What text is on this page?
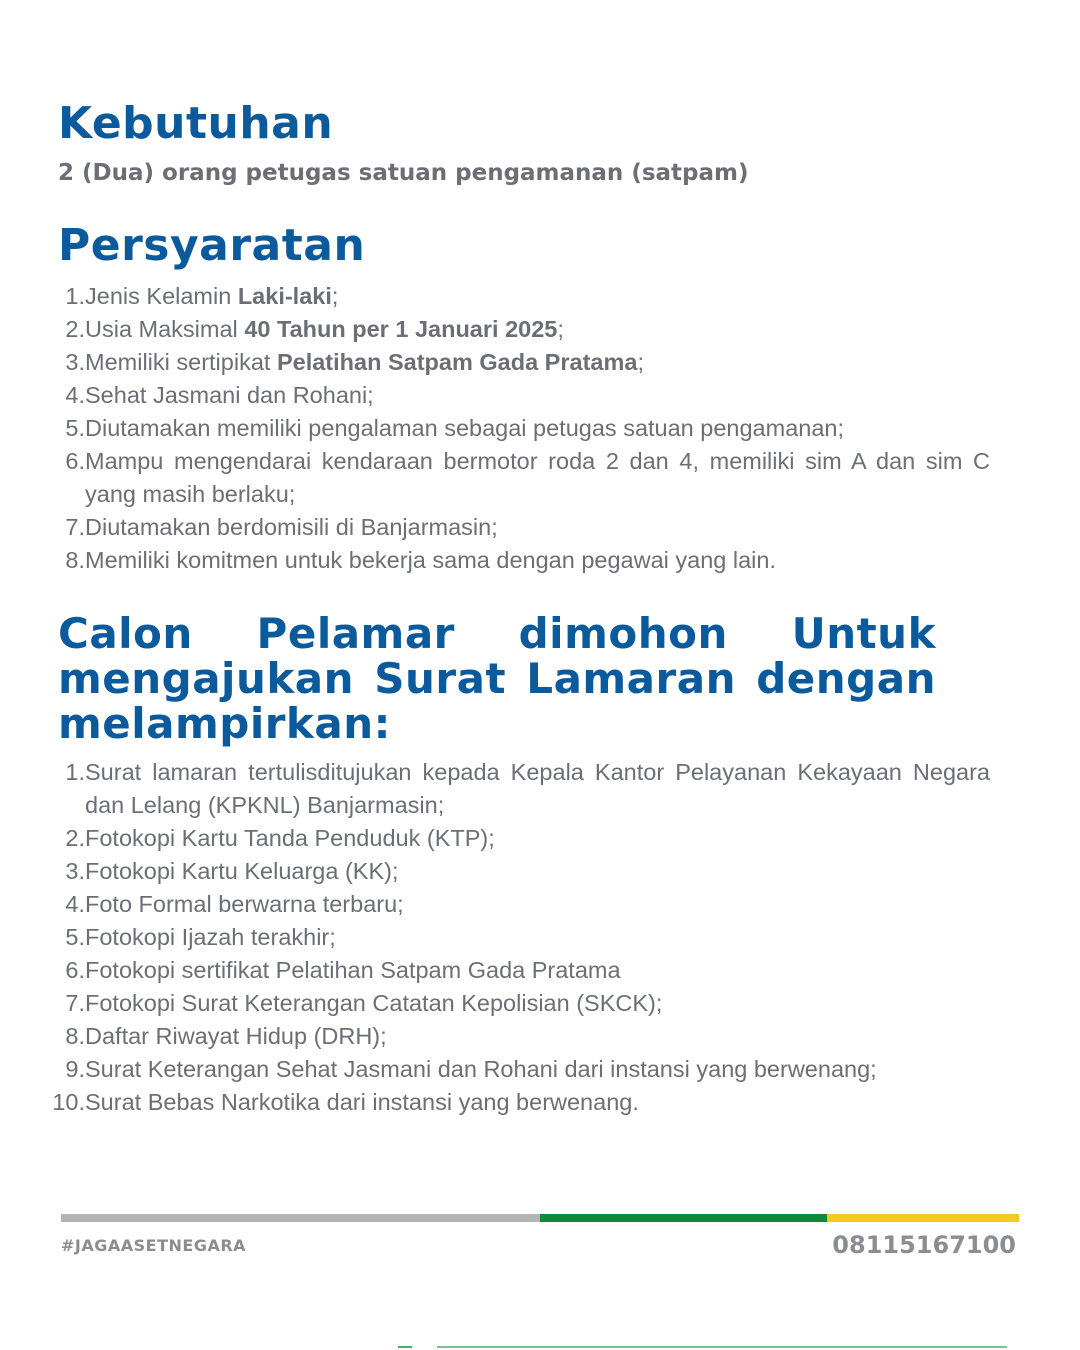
Kebutuhan

2 (Dua) orang petugas satuan pengamanan (satpam)

Persyaratan
1. Jenis Kelamin Laki-laki;
2. Usia Maksimal 40 Tahun per 1 Januari 2025;
3. Memiliki sertipikat Pelatihan Satpam Gada Pratama;
4. Sehat Jasmani dan Rohani;
5. Diutamakan memiliki pengalaman sebagai petugas satuan pengamanan;
6. Mampu mengendarai kendaraan bermotor roda 2 dan 4, memiliki sim A dan sim C yang masih berlaku;
7. Diutamakan berdomisili di Banjarmasin;
8. Memiliki komitmen untuk bekerja sama dengan pegawai yang lain.
Calon Pelamar dimohon Untuk mengajukan Surat Lamaran dengan melampirkan:
1. Surat lamaran tertulisditujukan kepada Kepala Kantor Pelayanan Kekayaan Negara dan Lelang (KPKNL) Banjarmasin;
2. Fotokopi Kartu Tanda Penduduk (KTP);
3. Fotokopi Kartu Keluarga (KK);
4. Foto Formal berwarna terbaru;
5. Fotokopi Ijazah terakhir;
6. Fotokopi sertifikat Pelatihan Satpam Gada Pratama
7. Fotokopi Surat Keterangan Catatan Kepolisian (SKCK);
8. Daftar Riwayat Hidup (DRH);
9. Surat Keterangan Sehat Jasmani dan Rohani dari instansi yang berwenang;
10. Surat Bebas Narkotika dari instansi yang berwenang.
#JAGAASETNEGARA	08115167100
